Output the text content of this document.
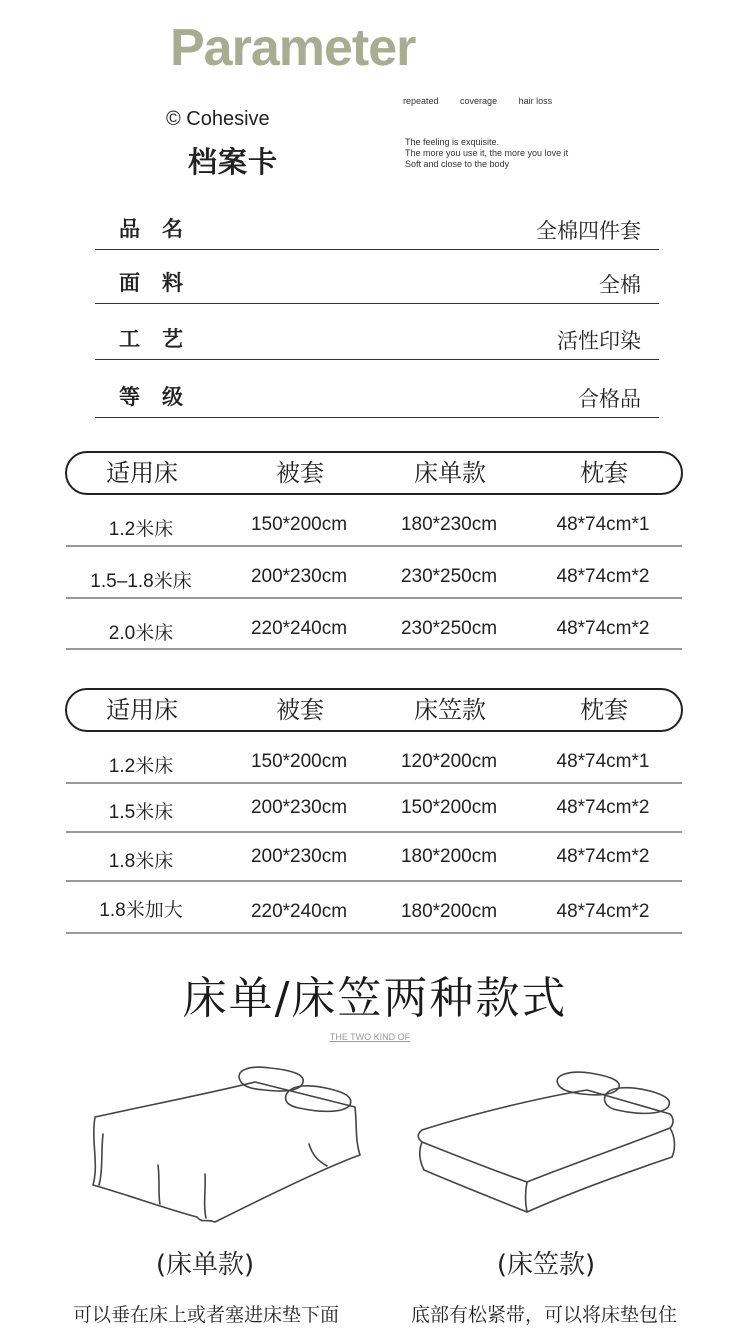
Parameter
© Cohesive
档案卡
repeated coverage hair loss
The feeling is exquisite.
The more you use it, the more you love it
Soft and close to the body
品名	全棉四件套
面料	全棉
工艺	活性印染
等级	合格品
适用床	被套	床单款	枕套
1.2米床	150*200cm	180*230cm	48*74cm*1
1.5–1.8米床	200*230cm	230*250cm	48*74cm*2
2.0米床	220*240cm	230*250cm	48*74cm*2
适用床	被套	床笠款	枕套
1.2米床	150*200cm	120*200cm	48*74cm*1
1.5米床	200*230cm	150*200cm	48*74cm*2
1.8米床	200*230cm	180*200cm	48*74cm*2
1.8米加大	220*240cm	180*200cm	48*74cm*2
床单/床笠两种款式
THE TWO KIND OF
(床单款)	(床笠款)
可以垂在床上或者塞进床垫下面	底部有松紧带，可以将床垫包住
